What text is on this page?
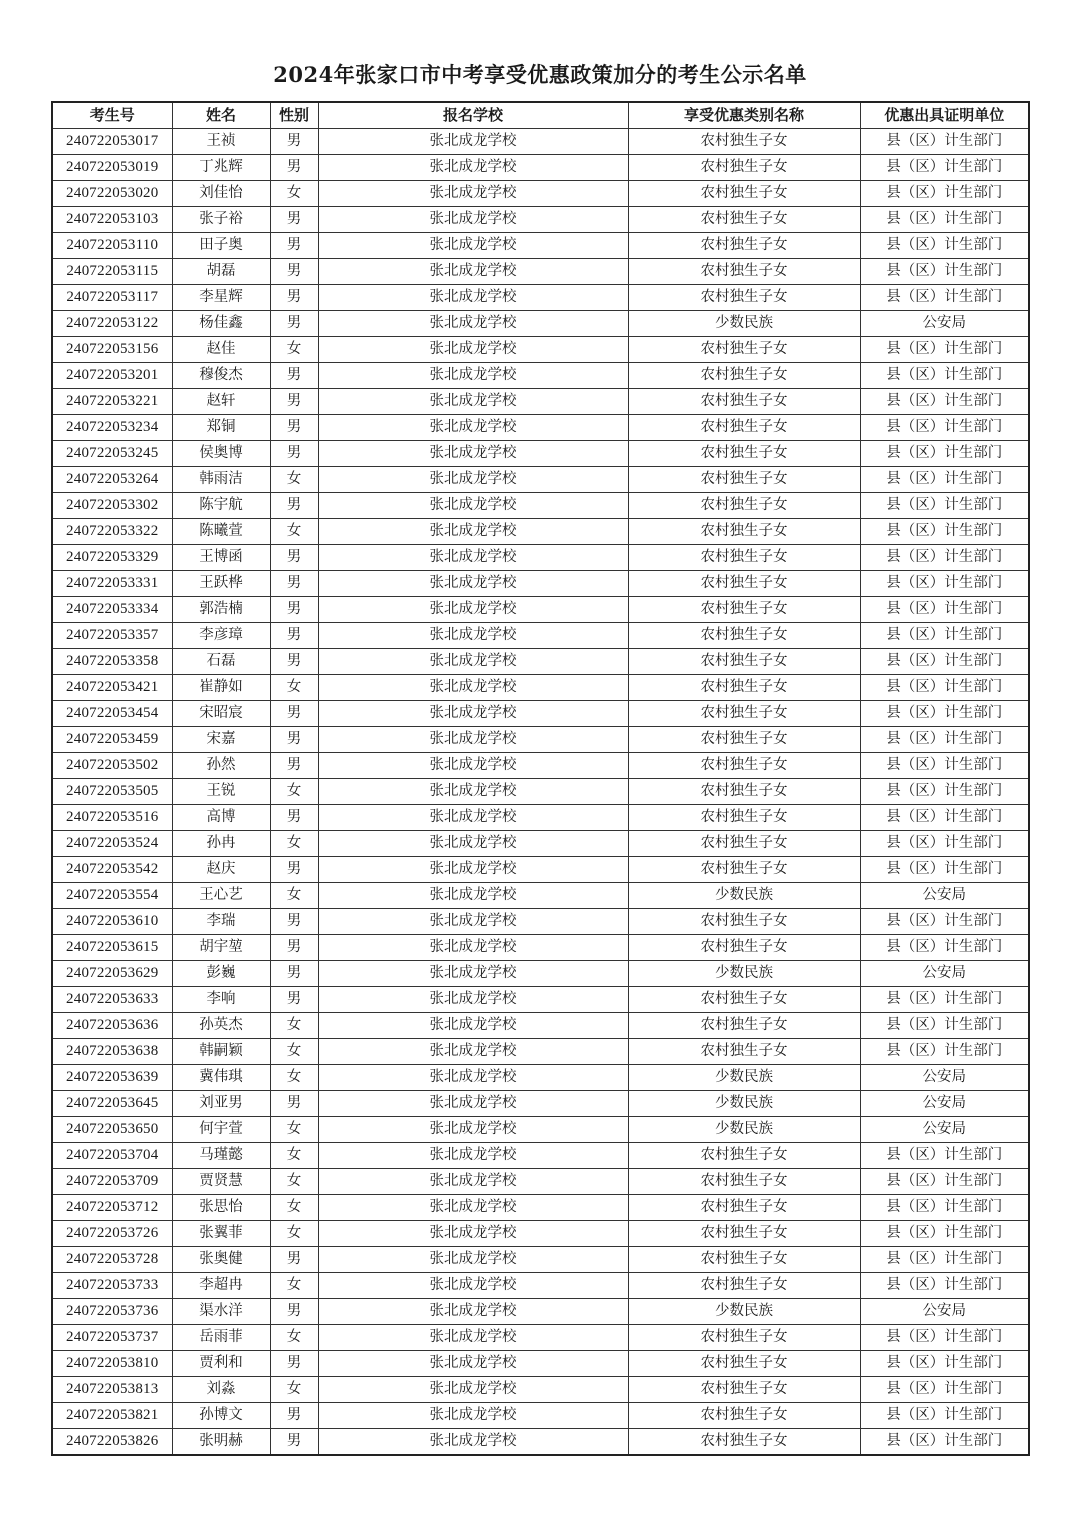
2024年张家口市中考享受优惠政策加分的考生公示名单
考生号	姓名	性别	报名学校	享受优惠类别名称	优惠出具证明单位
240722053017	王祯	男	张北成龙学校	农村独生子女	县（区）计生部门
240722053019	丁兆辉	男	张北成龙学校	农村独生子女	县（区）计生部门
240722053020	刘佳怡	女	张北成龙学校	农村独生子女	县（区）计生部门
240722053103	张子裕	男	张北成龙学校	农村独生子女	县（区）计生部门
240722053110	田子奥	男	张北成龙学校	农村独生子女	县（区）计生部门
240722053115	胡磊	男	张北成龙学校	农村独生子女	县（区）计生部门
240722053117	李星辉	男	张北成龙学校	农村独生子女	县（区）计生部门
240722053122	杨佳鑫	男	张北成龙学校	少数民族	公安局
240722053156	赵佳	女	张北成龙学校	农村独生子女	县（区）计生部门
240722053201	穆俊杰	男	张北成龙学校	农村独生子女	县（区）计生部门
240722053221	赵轩	男	张北成龙学校	农村独生子女	县（区）计生部门
240722053234	郑铜	男	张北成龙学校	农村独生子女	县（区）计生部门
240722053245	侯奥博	男	张北成龙学校	农村独生子女	县（区）计生部门
240722053264	韩雨洁	女	张北成龙学校	农村独生子女	县（区）计生部门
240722053302	陈宇航	男	张北成龙学校	农村独生子女	县（区）计生部门
240722053322	陈曦萱	女	张北成龙学校	农村独生子女	县（区）计生部门
240722053329	王博函	男	张北成龙学校	农村独生子女	县（区）计生部门
240722053331	王跃桦	男	张北成龙学校	农村独生子女	县（区）计生部门
240722053334	郭浩楠	男	张北成龙学校	农村独生子女	县（区）计生部门
240722053357	李彦璋	男	张北成龙学校	农村独生子女	县（区）计生部门
240722053358	石磊	男	张北成龙学校	农村独生子女	县（区）计生部门
240722053421	崔静如	女	张北成龙学校	农村独生子女	县（区）计生部门
240722053454	宋昭宸	男	张北成龙学校	农村独生子女	县（区）计生部门
240722053459	宋嘉	男	张北成龙学校	农村独生子女	县（区）计生部门
240722053502	孙然	男	张北成龙学校	农村独生子女	县（区）计生部门
240722053505	王锐	女	张北成龙学校	农村独生子女	县（区）计生部门
240722053516	高博	男	张北成龙学校	农村独生子女	县（区）计生部门
240722053524	孙冉	女	张北成龙学校	农村独生子女	县（区）计生部门
240722053542	赵庆	男	张北成龙学校	农村独生子女	县（区）计生部门
240722053554	王心艺	女	张北成龙学校	少数民族	公安局
240722053610	李瑞	男	张北成龙学校	农村独生子女	县（区）计生部门
240722053615	胡宇堃	男	张北成龙学校	农村独生子女	县（区）计生部门
240722053629	彭巍	男	张北成龙学校	少数民族	公安局
240722053633	李响	男	张北成龙学校	农村独生子女	县（区）计生部门
240722053636	孙英杰	女	张北成龙学校	农村独生子女	县（区）计生部门
240722053638	韩嗣颖	女	张北成龙学校	农村独生子女	县（区）计生部门
240722053639	冀伟琪	女	张北成龙学校	少数民族	公安局
240722053645	刘亚男	男	张北成龙学校	少数民族	公安局
240722053650	何宇萱	女	张北成龙学校	少数民族	公安局
240722053704	马瑾懿	女	张北成龙学校	农村独生子女	县（区）计生部门
240722053709	贾贤慧	女	张北成龙学校	农村独生子女	县（区）计生部门
240722053712	张思怡	女	张北成龙学校	农村独生子女	县（区）计生部门
240722053726	张翼菲	女	张北成龙学校	农村独生子女	县（区）计生部门
240722053728	张奥健	男	张北成龙学校	农村独生子女	县（区）计生部门
240722053733	李超冉	女	张北成龙学校	农村独生子女	县（区）计生部门
240722053736	渠水洋	男	张北成龙学校	少数民族	公安局
240722053737	岳雨菲	女	张北成龙学校	农村独生子女	县（区）计生部门
240722053810	贾利和	男	张北成龙学校	农村独生子女	县（区）计生部门
240722053813	刘淼	女	张北成龙学校	农村独生子女	县（区）计生部门
240722053821	孙博文	男	张北成龙学校	农村独生子女	县（区）计生部门
240722053826	张明赫	男	张北成龙学校	农村独生子女	县（区）计生部门
